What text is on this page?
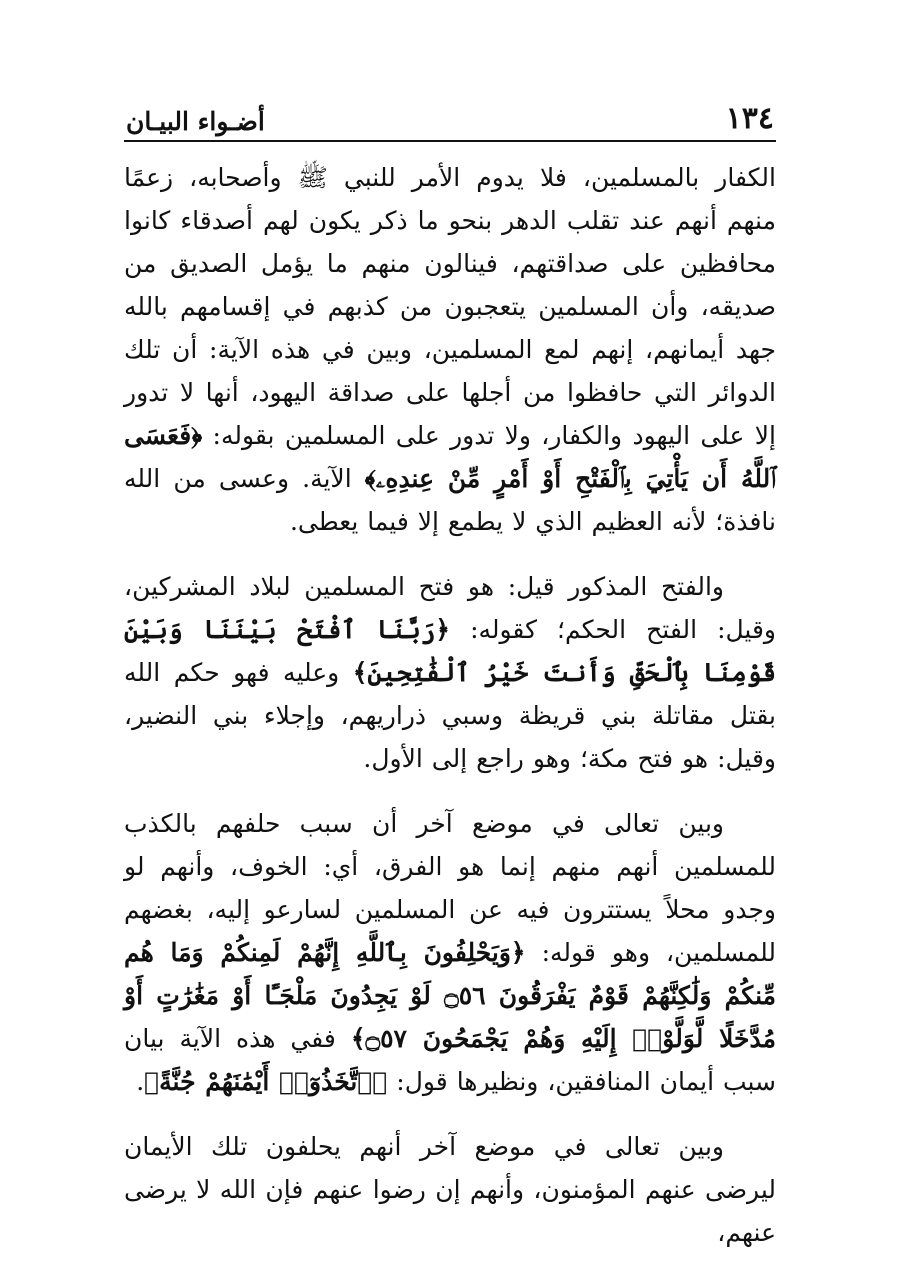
١٣٤
أضـواء البيـان

الكفار بالمسلمين، فلا يدوم الأمر للنبي ﷺ وأصحابه، زعمًا منهم أنهم عند تقلب الدهر بنحو ما ذكر يكون لهم أصدقاء كانوا محافظين على صداقتهم، فينالون منهم ما يؤمل الصديق من صديقه، وأن المسلمين يتعجبون من كذبهم في إقسامهم بالله جهد أيمانهم، إنهم لمع المسلمين، وبين في هذه الآية: أن تلك الدوائر التي حافظوا من أجلها على صداقة اليهود، أنها لا تدور إلا على اليهود والكفار، ولا تدور على المسلمين بقوله: ﴿فَعَسَى ٱللَّهُ أَن يَأْتِيَ بِٱلْفَتْحِ أَوْ أَمْرٍ مِّنْ عِندِهِۦ﴾ الآية. وعسى من الله نافذة؛ لأنه العظيم الذي لا يطمع إلا فيما يعطى.

والفتح المذكور قيل: هو فتح المسلمين لبلاد المشركين، وقيل: الفتح الحكم؛ كقوله: ﴿رَبَّنَا ٱفْتَحْ بَيْنَنَا وَبَيْنَ قَوْمِنَا بِٱلْحَقِّ وَأَنتَ خَيْرُ ٱلْفَٰتِحِينَ﴾ وعليه فهو حكم الله بقتل مقاتلة بني قريظة وسبي ذراريهم، وإجلاء بني النضير، وقيل: هو فتح مكة؛ وهو راجع إلى الأول.

وبين تعالى في موضع آخر أن سبب حلفهم بالكذب للمسلمين أنهم منهم إنما هو الفرق، أي: الخوف، وأنهم لو وجدو محلاً يستترون فيه عن المسلمين لسارعو إليه، بغضهم للمسلمين، وهو قوله: ﴿وَيَحْلِفُونَ بِٱللَّهِ إِنَّهُمْ لَمِنكُمْ وَمَا هُم مِّنكُمْ وَلَٰكِنَّهُمْ قَوْمٌ يَفْرَقُونَ ۝٥٦ لَوْ يَجِدُونَ مَلْجَـًٔا أَوْ مَغَٰرَٰتٍ أَوْ مُدَّخَلًا لَّوَلَّوْا۟ إِلَيْهِ وَهُمْ يَجْمَحُونَ ۝٥٧﴾ ففي هذه الآية بيان سبب أيمان المنافقين، ونظيرها قول: ﴿ٱتَّخَذُوٓا۟ أَيْمَٰنَهُمْ جُنَّةً﴾.

وبين تعالى في موضع آخر أنهم يحلفون تلك الأيمان ليرضى عنهم المؤمنون، وأنهم إن رضوا عنهم فإن الله لا يرضى عنهم،
